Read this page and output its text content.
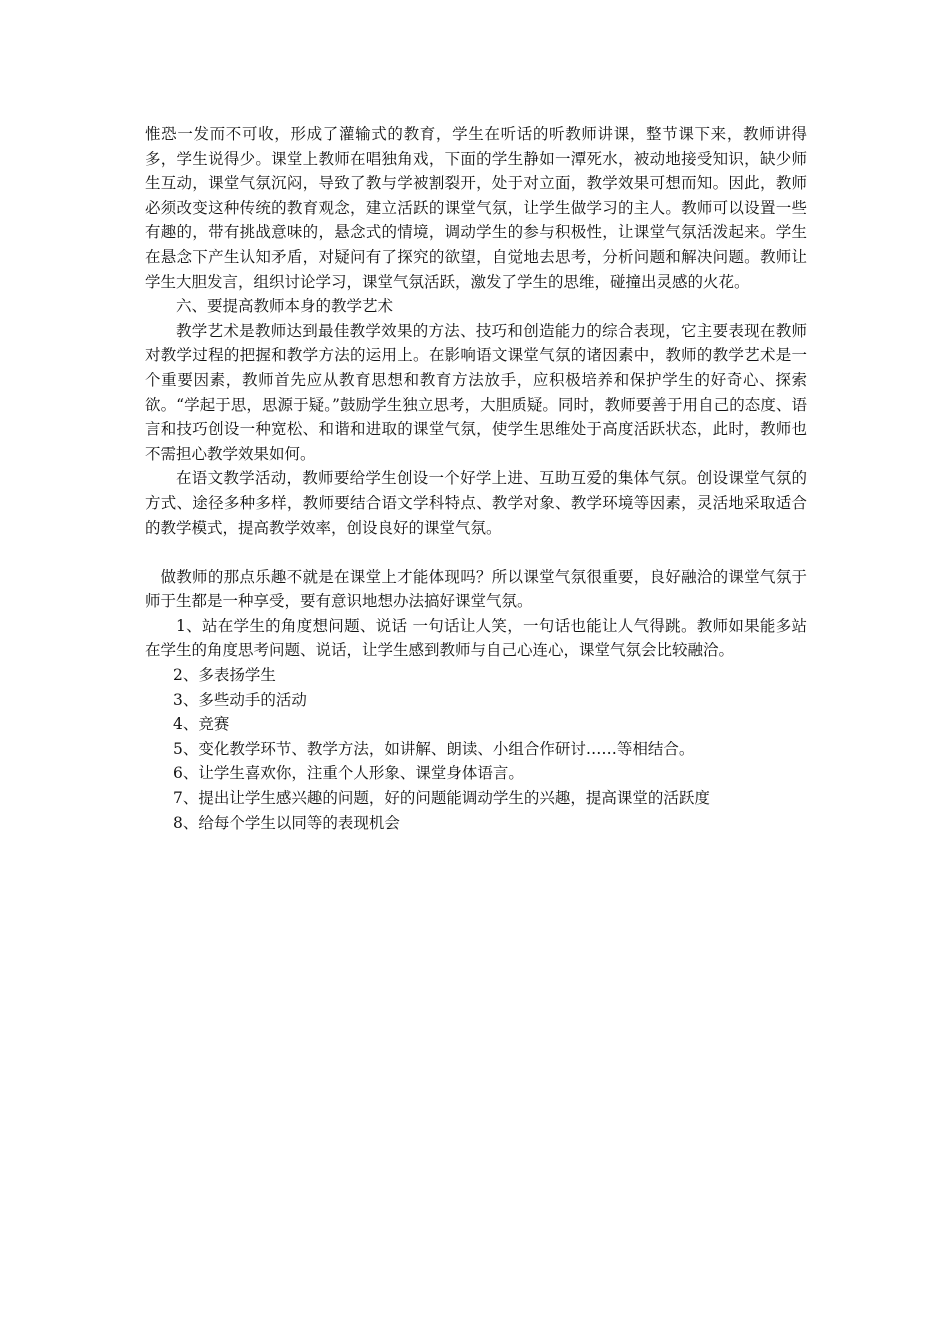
惟恐一发而不可收，形成了灌输式的教育，学生在听话的听教师讲课，整节课下来，教师讲得多，学生说得少。课堂上教师在唱独角戏，下面的学生静如一潭死水，被动地接受知识，缺少师生互动，课堂气氛沉闷，导致了教与学被割裂开，处于对立面，教学效果可想而知。因此，教师必须改变这种传统的教育观念，建立活跃的课堂气氛，让学生做学习的主人。教师可以设置一些有趣的，带有挑战意味的，悬念式的情境，调动学生的参与积极性，让课堂气氛活泼起来。学生在悬念下产生认知矛盾，对疑问有了探究的欲望，自觉地去思考，分析问题和解决问题。教师让学生大胆发言，组织讨论学习，课堂气氛活跃，激发了学生的思维，碰撞出灵感的火花。

六、要提高教师本身的教学艺术

教学艺术是教师达到最佳教学效果的方法、技巧和创造能力的综合表现，它主要表现在教师对教学过程的把握和教学方法的运用上。在影响语文课堂气氛的诸因素中，教师的教学艺术是一个重要因素，教师首先应从教育思想和教育方法放手，应积极培养和保护学生的好奇心、探索欲。“学起于思，思源于疑。”鼓励学生独立思考，大胆质疑。同时，教师要善于用自己的态度、语言和技巧创设一种宽松、和谐和进取的课堂气氛，使学生思维处于高度活跃状态，此时，教师也不需担心教学效果如何。

在语文教学活动，教师要给学生创设一个好学上进、互助互爱的集体气氛。创设课堂气氛的方式、途径多种多样，教师要结合语文学科特点、教学对象、教学环境等因素，灵活地采取适合的教学模式，提高教学效率，创设良好的课堂气氛。

做教师的那点乐趣不就是在课堂上才能体现吗？所以课堂气氛很重要，良好融洽的课堂气氛于师于生都是一种享受，要有意识地想办法搞好课堂气氛。

1、站在学生的角度想问题、说话 一句话让人笑，一句话也能让人气得跳。教师如果能多站在学生的角度思考问题、说话，让学生感到教师与自己心连心，课堂气氛会比较融洽。

2、多表扬学生

3、多些动手的活动

4、竞赛

5、变化教学环节、教学方法，如讲解、朗读、小组合作研讨……等相结合。

6、让学生喜欢你，注重个人形象、课堂身体语言。

7、提出让学生感兴趣的问题，好的问题能调动学生的兴趣，提高课堂的活跃度

8、给每个学生以同等的表现机会
